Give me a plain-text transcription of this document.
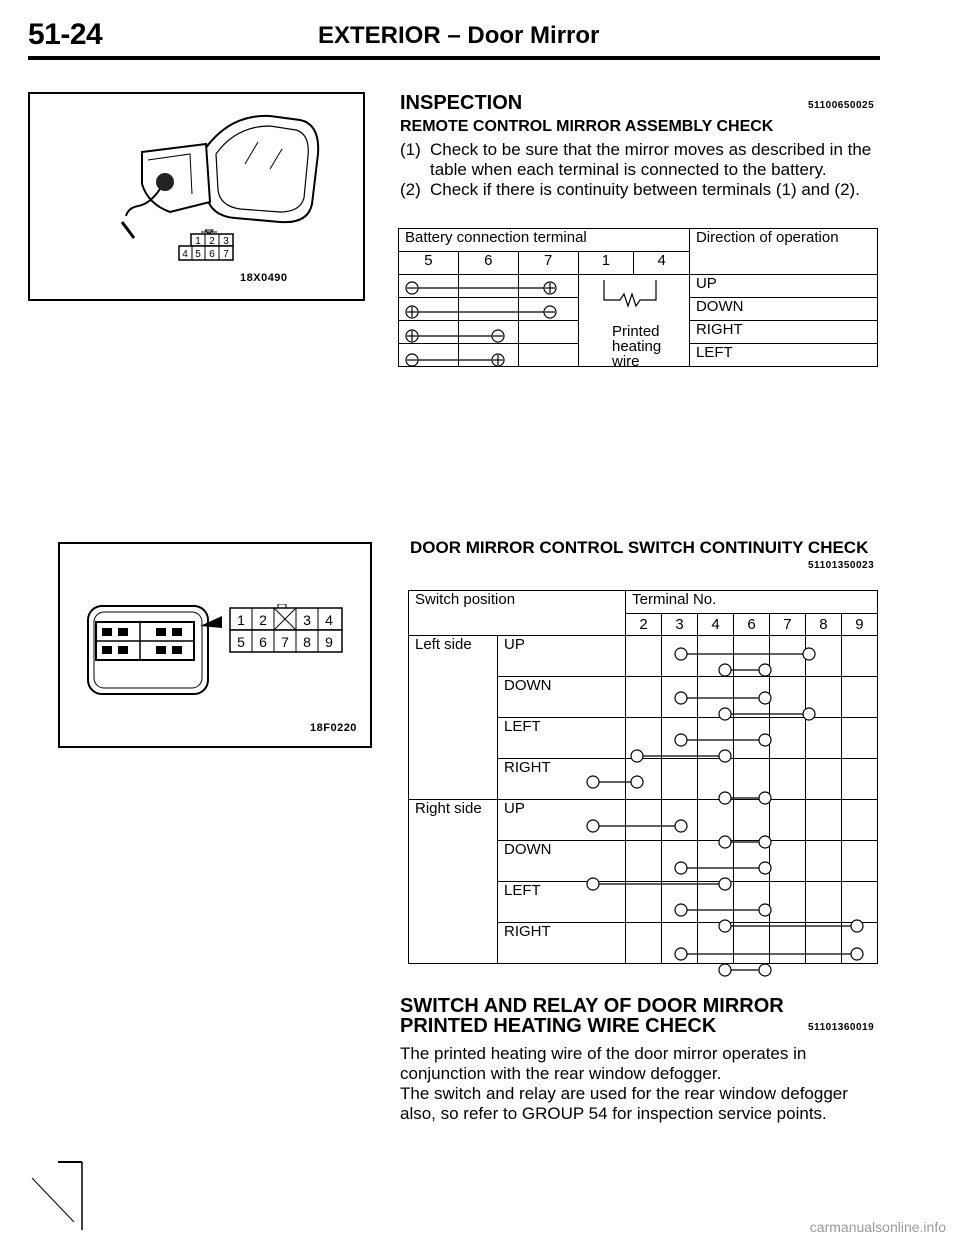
51-24	EXTERIOR – Door Mirror
1 2 3
4 5 6 7
18X0490
2
1	3 4
5 6 7 8 9
18F0220
INSPECTION	51100650025
REMOTE CONTROL MIRROR ASSEMBLY CHECK
(1) Check to be sure that the mirror moves as described in the table when each terminal is connected to the battery.
(2) Check if there is continuity between terminals (1) and (2).
Battery connection terminal					Direction of operation
5	6	7	1	4	
					UP
					DOWN
					RIGHT
					LEFT
Printed
heating
wire
DOOR MIRROR CONTROL SWITCH CONTINUITY CHECK
51101350023
Switch position		Terminal No.						
		2	3	4	6	7	8	9
Left side	UP							
	DOWN							
	LEFT							
	RIGHT							
Right side	UP							
	DOWN							
	LEFT							
	RIGHT							
SWITCH AND RELAY OF DOOR MIRROR
PRINTED HEATING WIRE CHECK	51101360019
The printed heating wire of the door mirror operates in conjunction with the rear window defogger.
The switch and relay are used for the rear window defogger also, so refer to GROUP 54 for inspection service points.
carmanualsonline.info
